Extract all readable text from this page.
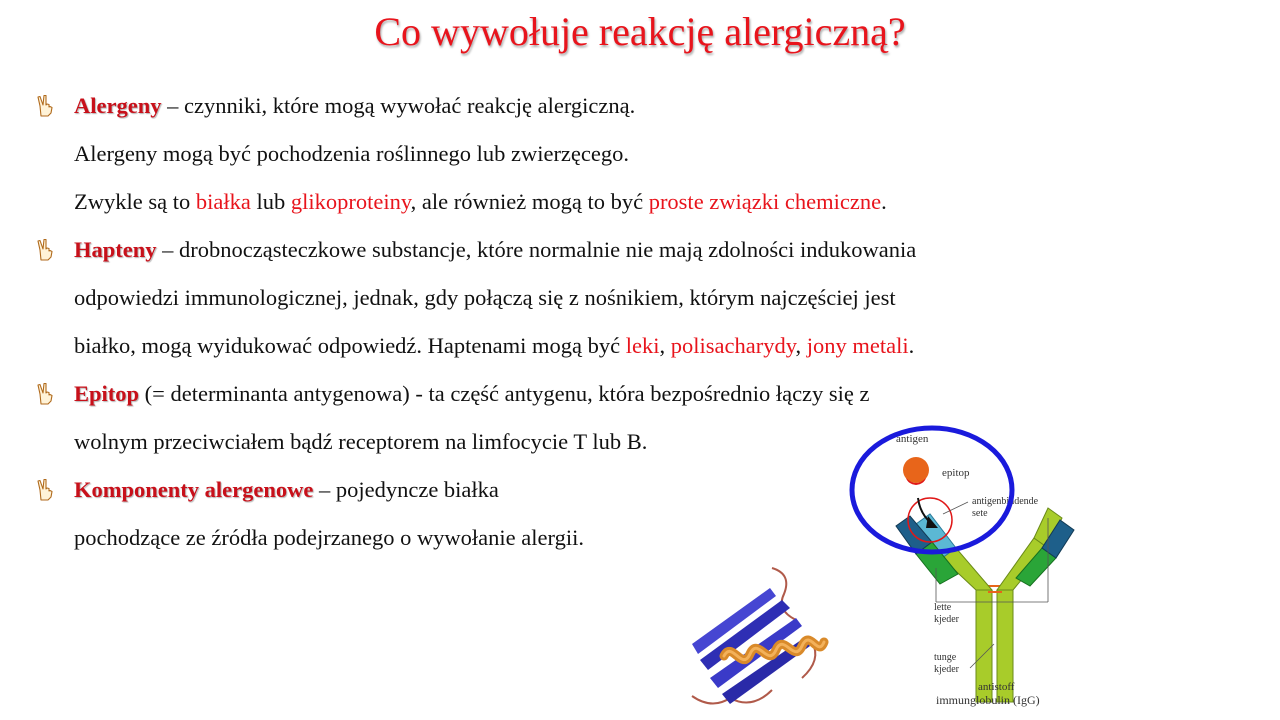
Co wywołuje reakcję alergiczną?
Alergeny – czynniki, które mogą wywołać reakcję alergiczną.
Alergeny mogą być pochodzenia roślinnego lub zwierzęcego.
Zwykle są to białka lub glikoproteiny, ale również mogą to być proste związki chemiczne.
Hapteny – drobnocząsteczkowe substancje, które normalnie nie mają zdolności indukowania
odpowiedzi immunologicznej, jednak, gdy połączą się z nośnikiem, którym najczęściej jest
białko, mogą wyidukować odpowiedź. Haptenami mogą być leki, polisacharydy, jony metali.
Epitop (= determinanta antygenowa) - ta część antygenu, która bezpośrednio łączy się z
wolnym przeciwciałem bądź receptorem na limfocycie T lub B.
Komponenty alergenowe – pojedyncze białka
pochodzące ze źródła podejrzanego o wywołanie alergii.
antigen
epitop
antigenbindende
sete
lette
kjeder
tunge
kjeder
antistoff
immunglobulin (IgG)
